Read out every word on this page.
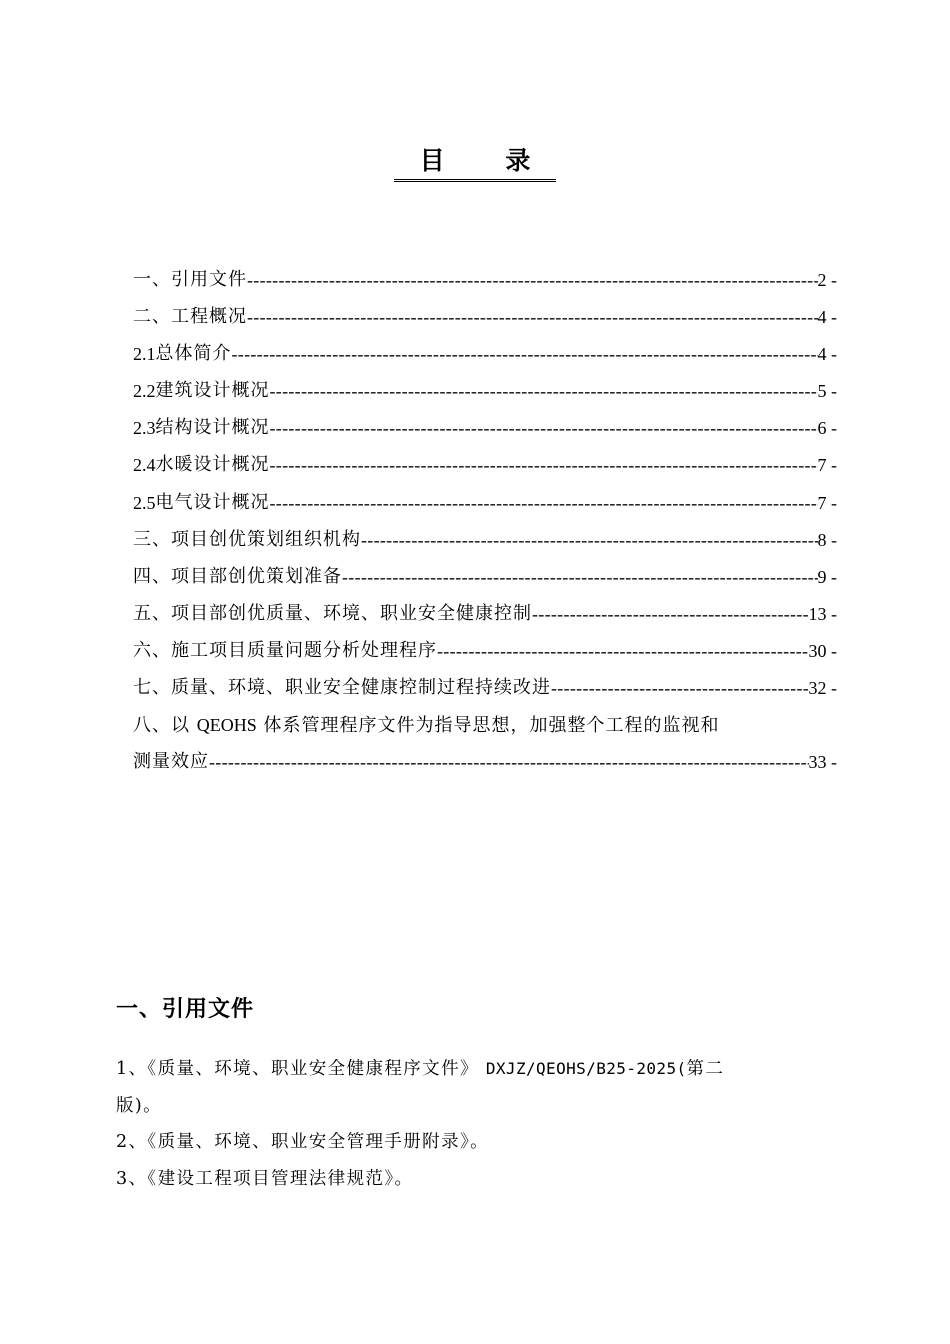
目 录
一、引用文件 -----	2 -
二、工程概况 -----	4 -
2.1 总体简介 -----	4 -
2.2 建筑设计概况 -----	5 -
2.3 结构设计概况 -----	6 -
2.4 水暖设计概况 -----	7 -
2.5 电气设计概况 -----	7 -
三、项目创优策划组织机构 -----	8 -
四、项目部创优策划准备 -----	9 -
五、项目部创优质量、环境、职业安全健康控制 -----	13 -
六、施工项目质量问题分析处理程序 -----	30 -
七、质量、环境、职业安全健康控制过程持续改进 -----	32 -
八、以 QEOHS 体系管理程序文件为指导思想，加强整个工程的监视和
测量效应 -----	33 -
一、引用文件
1、《质量、环境、职业安全健康程序文件》 DXJZ/QEOHS/B25-2025(第二
版)。
2、《质量、环境、职业安全管理手册附录》。
3、《建设工程项目管理法律规范》。
